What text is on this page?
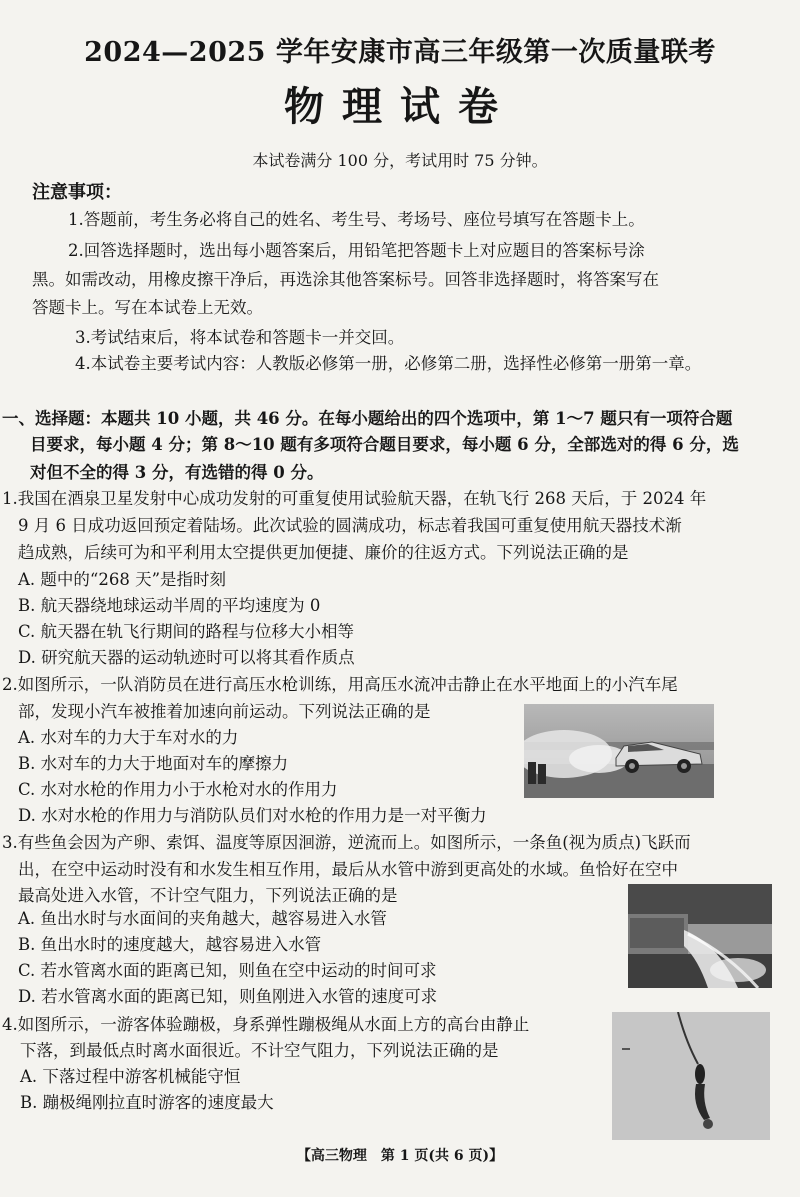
2024—2025 学年安康市高三年级第一次质量联考
物理试卷
本试卷满分 100 分，考试用时 75 分钟。
注意事项：
1.答题前，考生务必将自己的姓名、考生号、考场号、座位号填写在答题卡上。
2.回答选择题时，选出每小题答案后，用铅笔把答题卡上对应题目的答案标号涂
黑。如需改动，用橡皮擦干净后，再选涂其他答案标号。回答非选择题时，将答案写在
答题卡上。写在本试卷上无效。
3.考试结束后，将本试卷和答题卡一并交回。
4.本试卷主要考试内容：人教版必修第一册，必修第二册，选择性必修第一册第一章。
一、选择题：本题共 10 小题，共 46 分。在每小题给出的四个选项中，第 1～7 题只有一项符合题
目要求，每小题 4 分；第 8～10 题有多项符合题目要求，每小题 6 分，全部选对的得 6 分，选
对但不全的得 3 分，有选错的得 0 分。
1.我国在酒泉卫星发射中心成功发射的可重复使用试验航天器，在轨飞行 268 天后，于 2024 年
9 月 6 日成功返回预定着陆场。此次试验的圆满成功，标志着我国可重复使用航天器技术渐
趋成熟，后续可为和平利用太空提供更加便捷、廉价的往返方式。下列说法正确的是
A. 题中的“268 天”是指时刻
B. 航天器绕地球运动半周的平均速度为 0
C. 航天器在轨飞行期间的路程与位移大小相等
D. 研究航天器的运动轨迹时可以将其看作质点
2.如图所示，一队消防员在进行高压水枪训练，用高压水流冲击静止在水平地面上的小汽车尾
部，发现小汽车被推着加速向前运动。下列说法正确的是
A. 水对车的力大于车对水的力
B. 水对车的力大于地面对车的摩擦力
C. 水对水枪的作用力小于水枪对水的作用力
D. 水对水枪的作用力与消防队员们对水枪的作用力是一对平衡力
3.有些鱼会因为产卵、索饵、温度等原因洄游，逆流而上。如图所示，一条鱼(视为质点)飞跃而
出，在空中运动时没有和水发生相互作用，最后从水管中游到更高处的水域。鱼恰好在空中
最高处进入水管，不计空气阻力，下列说法正确的是
A. 鱼出水时与水面间的夹角越大，越容易进入水管
B. 鱼出水时的速度越大，越容易进入水管
C. 若水管离水面的距离已知，则鱼在空中运动的时间可求
D. 若水管离水面的距离已知，则鱼刚进入水管的速度可求
4.如图所示，一游客体验蹦极，身系弹性蹦极绳从水面上方的高台由静止
下落，到最低点时离水面很近。不计空气阻力，下列说法正确的是
A. 下落过程中游客机械能守恒
B. 蹦极绳刚拉直时游客的速度最大
【高三物理　第 1 页(共 6 页)】
